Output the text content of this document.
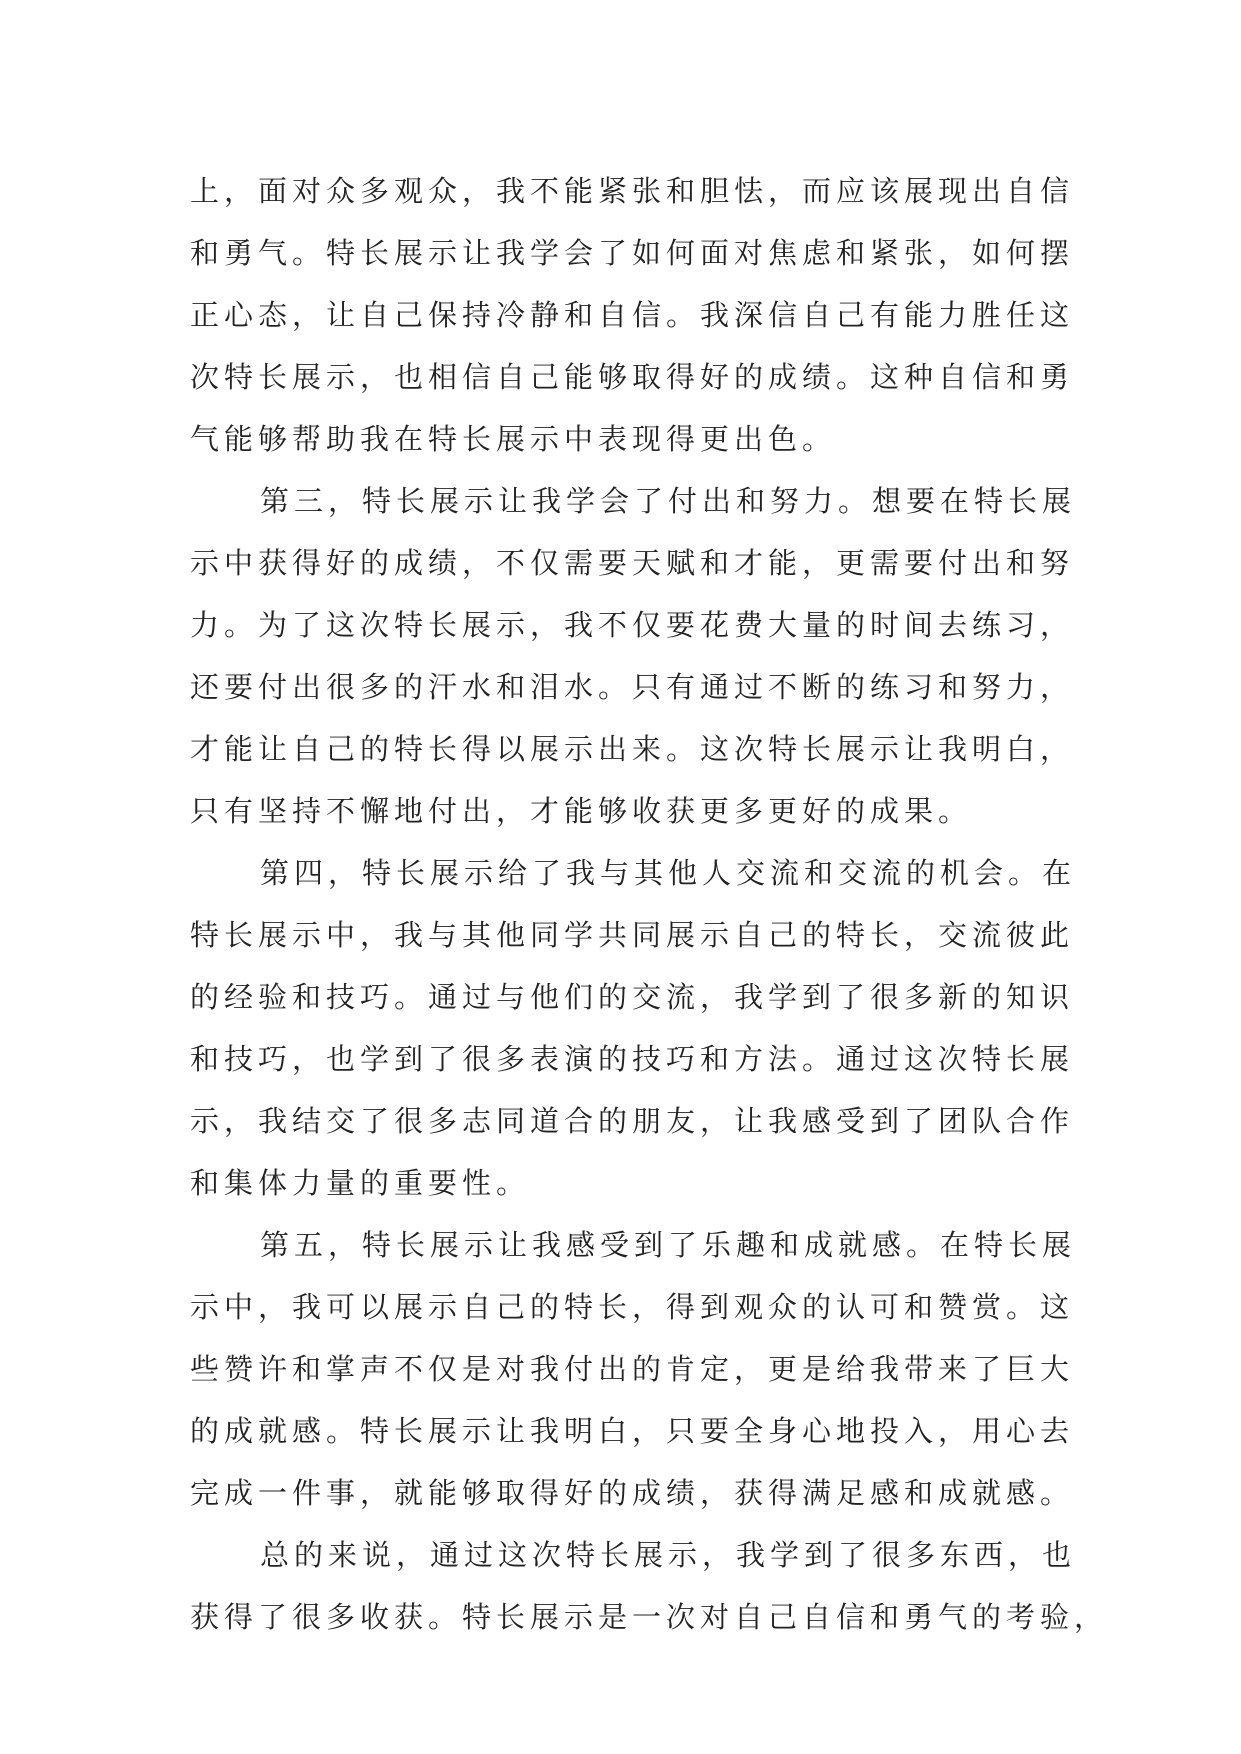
上，面对众多观众，我不能紧张和胆怯，而应该展现出自信
和勇气。特长展示让我学会了如何面对焦虑和紧张，如何摆
正心态，让自己保持冷静和自信。我深信自己有能力胜任这
次特长展示，也相信自己能够取得好的成绩。这种自信和勇
气能够帮助我在特长展示中表现得更出色。
第三，特长展示让我学会了付出和努力。想要在特长展
示中获得好的成绩，不仅需要天赋和才能，更需要付出和努
力。为了这次特长展示，我不仅要花费大量的时间去练习，
还要付出很多的汗水和泪水。只有通过不断的练习和努力，
才能让自己的特长得以展示出来。这次特长展示让我明白，
只有坚持不懈地付出，才能够收获更多更好的成果。
第四，特长展示给了我与其他人交流和交流的机会。在
特长展示中，我与其他同学共同展示自己的特长，交流彼此
的经验和技巧。通过与他们的交流，我学到了很多新的知识
和技巧，也学到了很多表演的技巧和方法。通过这次特长展
示，我结交了很多志同道合的朋友，让我感受到了团队合作
和集体力量的重要性。
第五，特长展示让我感受到了乐趣和成就感。在特长展
示中，我可以展示自己的特长，得到观众的认可和赞赏。这
些赞许和掌声不仅是对我付出的肯定，更是给我带来了巨大
的成就感。特长展示让我明白，只要全身心地投入，用心去
完成一件事，就能够取得好的成绩，获得满足感和成就感。
总的来说，通过这次特长展示，我学到了很多东西，也
获得了很多收获。特长展示是一次对自己自信和勇气的考验，
